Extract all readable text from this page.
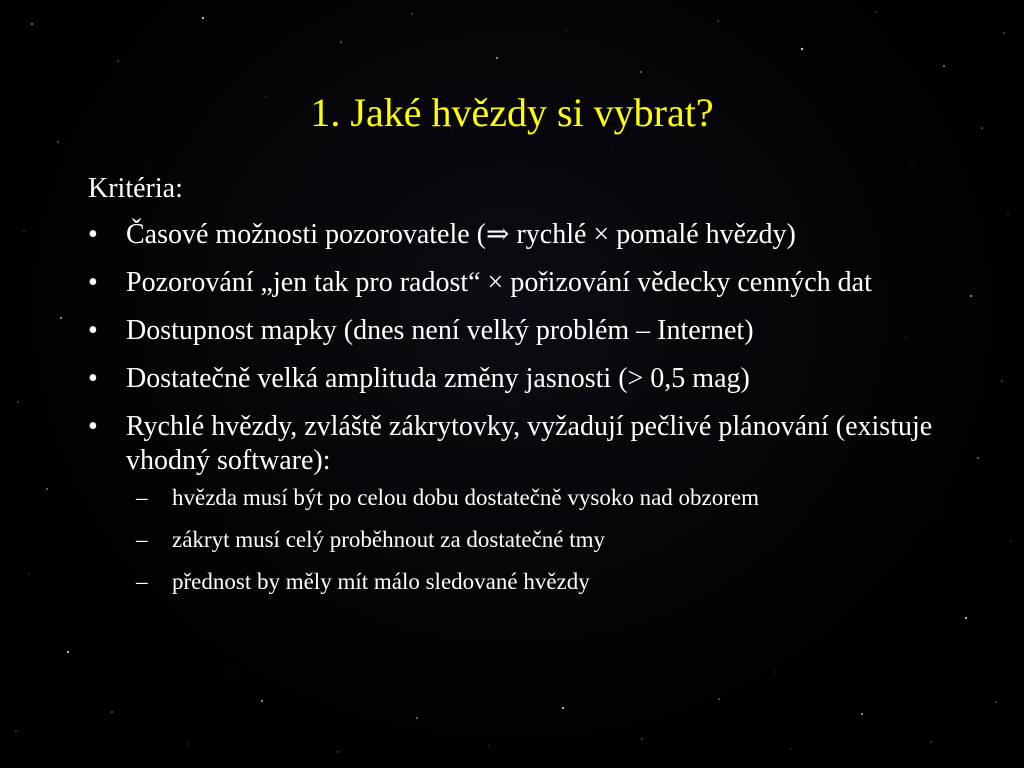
1. Jaké hvězdy si vybrat?
Kritéria:
• Časové možnosti pozorovatele (⇒ rychlé × pomalé hvězdy)
• Pozorování „jen tak pro radost“ × pořizování vědecky cenných dat
• Dostupnost mapky (dnes není velký problém – Internet)
• Dostatečně velká amplituda změny jasnosti (> 0,5 mag)
• Rychlé hvězdy, zvláště zákrytovky, vyžadují pečlivé plánování (existuje vhodný software):
– hvězda musí být po celou dobu dostatečně vysoko nad obzorem
– zákryt musí celý proběhnout za dostatečné tmy
– přednost by měly mít málo sledované hvězdy
